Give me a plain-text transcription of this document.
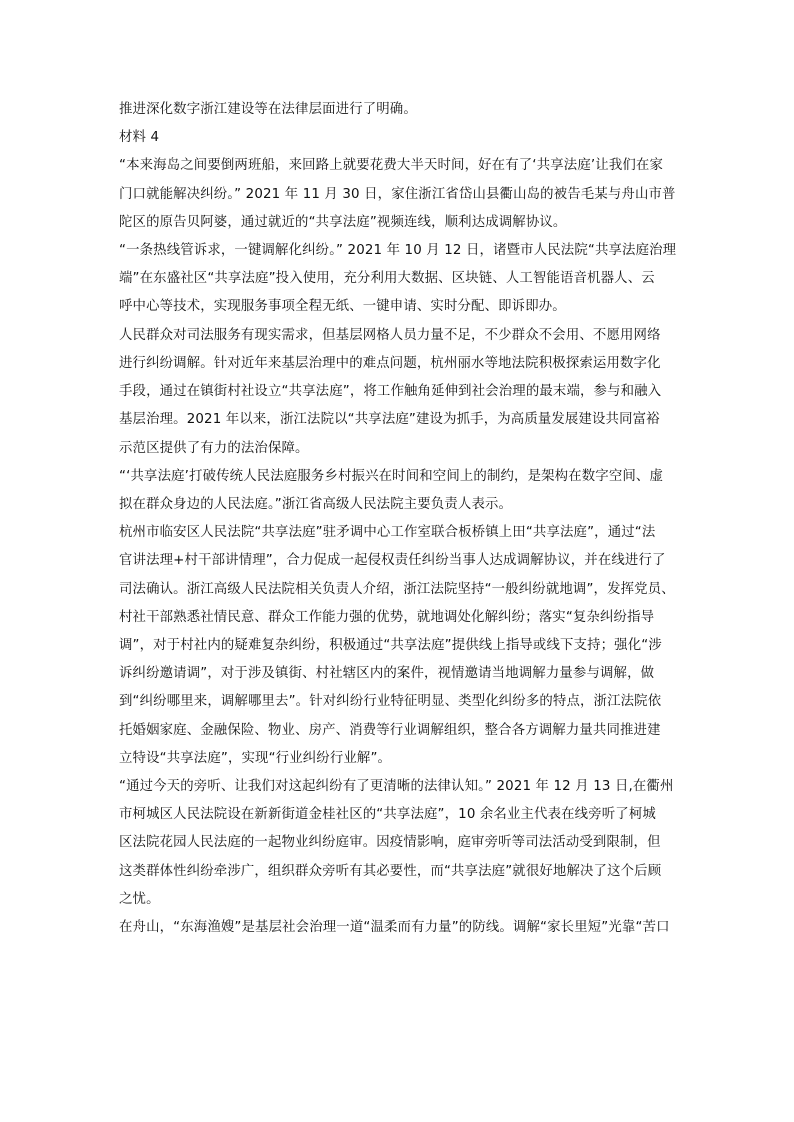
推进深化数字浙江建设等在法律层面进行了明确。
材料 4
“本来海岛之间要倒两班船，来回路上就要花费大半天时间，好在有了‘共享法庭’让我们在家
门口就能解决纠纷。” 2021 年 11 月 30 日，家住浙江省岱山县衢山岛的被告毛某与舟山市普
陀区的原告贝阿婆，通过就近的“共享法庭”视频连线，顺利达成调解协议。
“一条热线管诉求，一键调解化纠纷。” 2021 年 10 月 12 日，诸暨市人民法院“共享法庭治理
端”在东盛社区“共享法庭”投入使用，充分利用大数据、区块链、人工智能语音机器人、云
呼中心等技术，实现服务事项全程无纸、一键申请、实时分配、即诉即办。
人民群众对司法服务有现实需求，但基层网格人员力量不足，不少群众不会用、不愿用网络
进行纠纷调解。针对近年来基层治理中的难点问题，杭州丽水等地法院积极探索运用数字化
手段，通过在镇街村社设立“共享法庭”，将工作触角延伸到社会治理的最末端，参与和融入
基层治理。2021 年以来，浙江法院以“共享法庭”建设为抓手，为高质量发展建设共同富裕
示范区提供了有力的法治保障。
“‘共享法庭’打破传统人民法庭服务乡村振兴在时间和空间上的制约，是架构在数字空间、虚
拟在群众身边的人民法庭。”浙江省高级人民法院主要负责人表示。
杭州市临安区人民法院“共享法庭”驻矛调中心工作室联合板桥镇上田“共享法庭”，通过“法
官讲法理+村干部讲情理”，合力促成一起侵权责任纠纷当事人达成调解协议，并在线进行了
司法确认。浙江高级人民法院相关负责人介绍，浙江法院坚持“一般纠纷就地调”，发挥党员、
村社干部熟悉社情民意、群众工作能力强的优势，就地调处化解纠纷；落实“复杂纠纷指导
调”，对于村社内的疑难复杂纠纷，积极通过“共享法庭”提供线上指导或线下支持；强化“涉
诉纠纷邀请调”，对于涉及镇街、村社辖区内的案件，视情邀请当地调解力量参与调解，做
到“纠纷哪里来，调解哪里去”。针对纠纷行业特征明显、类型化纠纷多的特点，浙江法院依
托婚姻家庭、金融保险、物业、房产、消费等行业调解组织，整合各方调解力量共同推进建
立特设“共享法庭”，实现“行业纠纷行业解”。
“通过今天的旁听、让我们对这起纠纷有了更清晰的法律认知。” 2021 年 12 月 13 日,在衢州
市柯城区人民法院设在新新街道金桂社区的“共享法庭”，10 余名业主代表在线旁听了柯城
区法院花园人民法庭的一起物业纠纷庭审。因疫情影响，庭审旁听等司法活动受到限制，但
这类群体性纠纷牵涉广，组织群众旁听有其必要性，而“共享法庭”就很好地解决了这个后顾
之忧。
在舟山，“东海渔嫂”是基层社会治理一道“温柔而有力量”的防线。调解“家长里短”光靠“苦口
